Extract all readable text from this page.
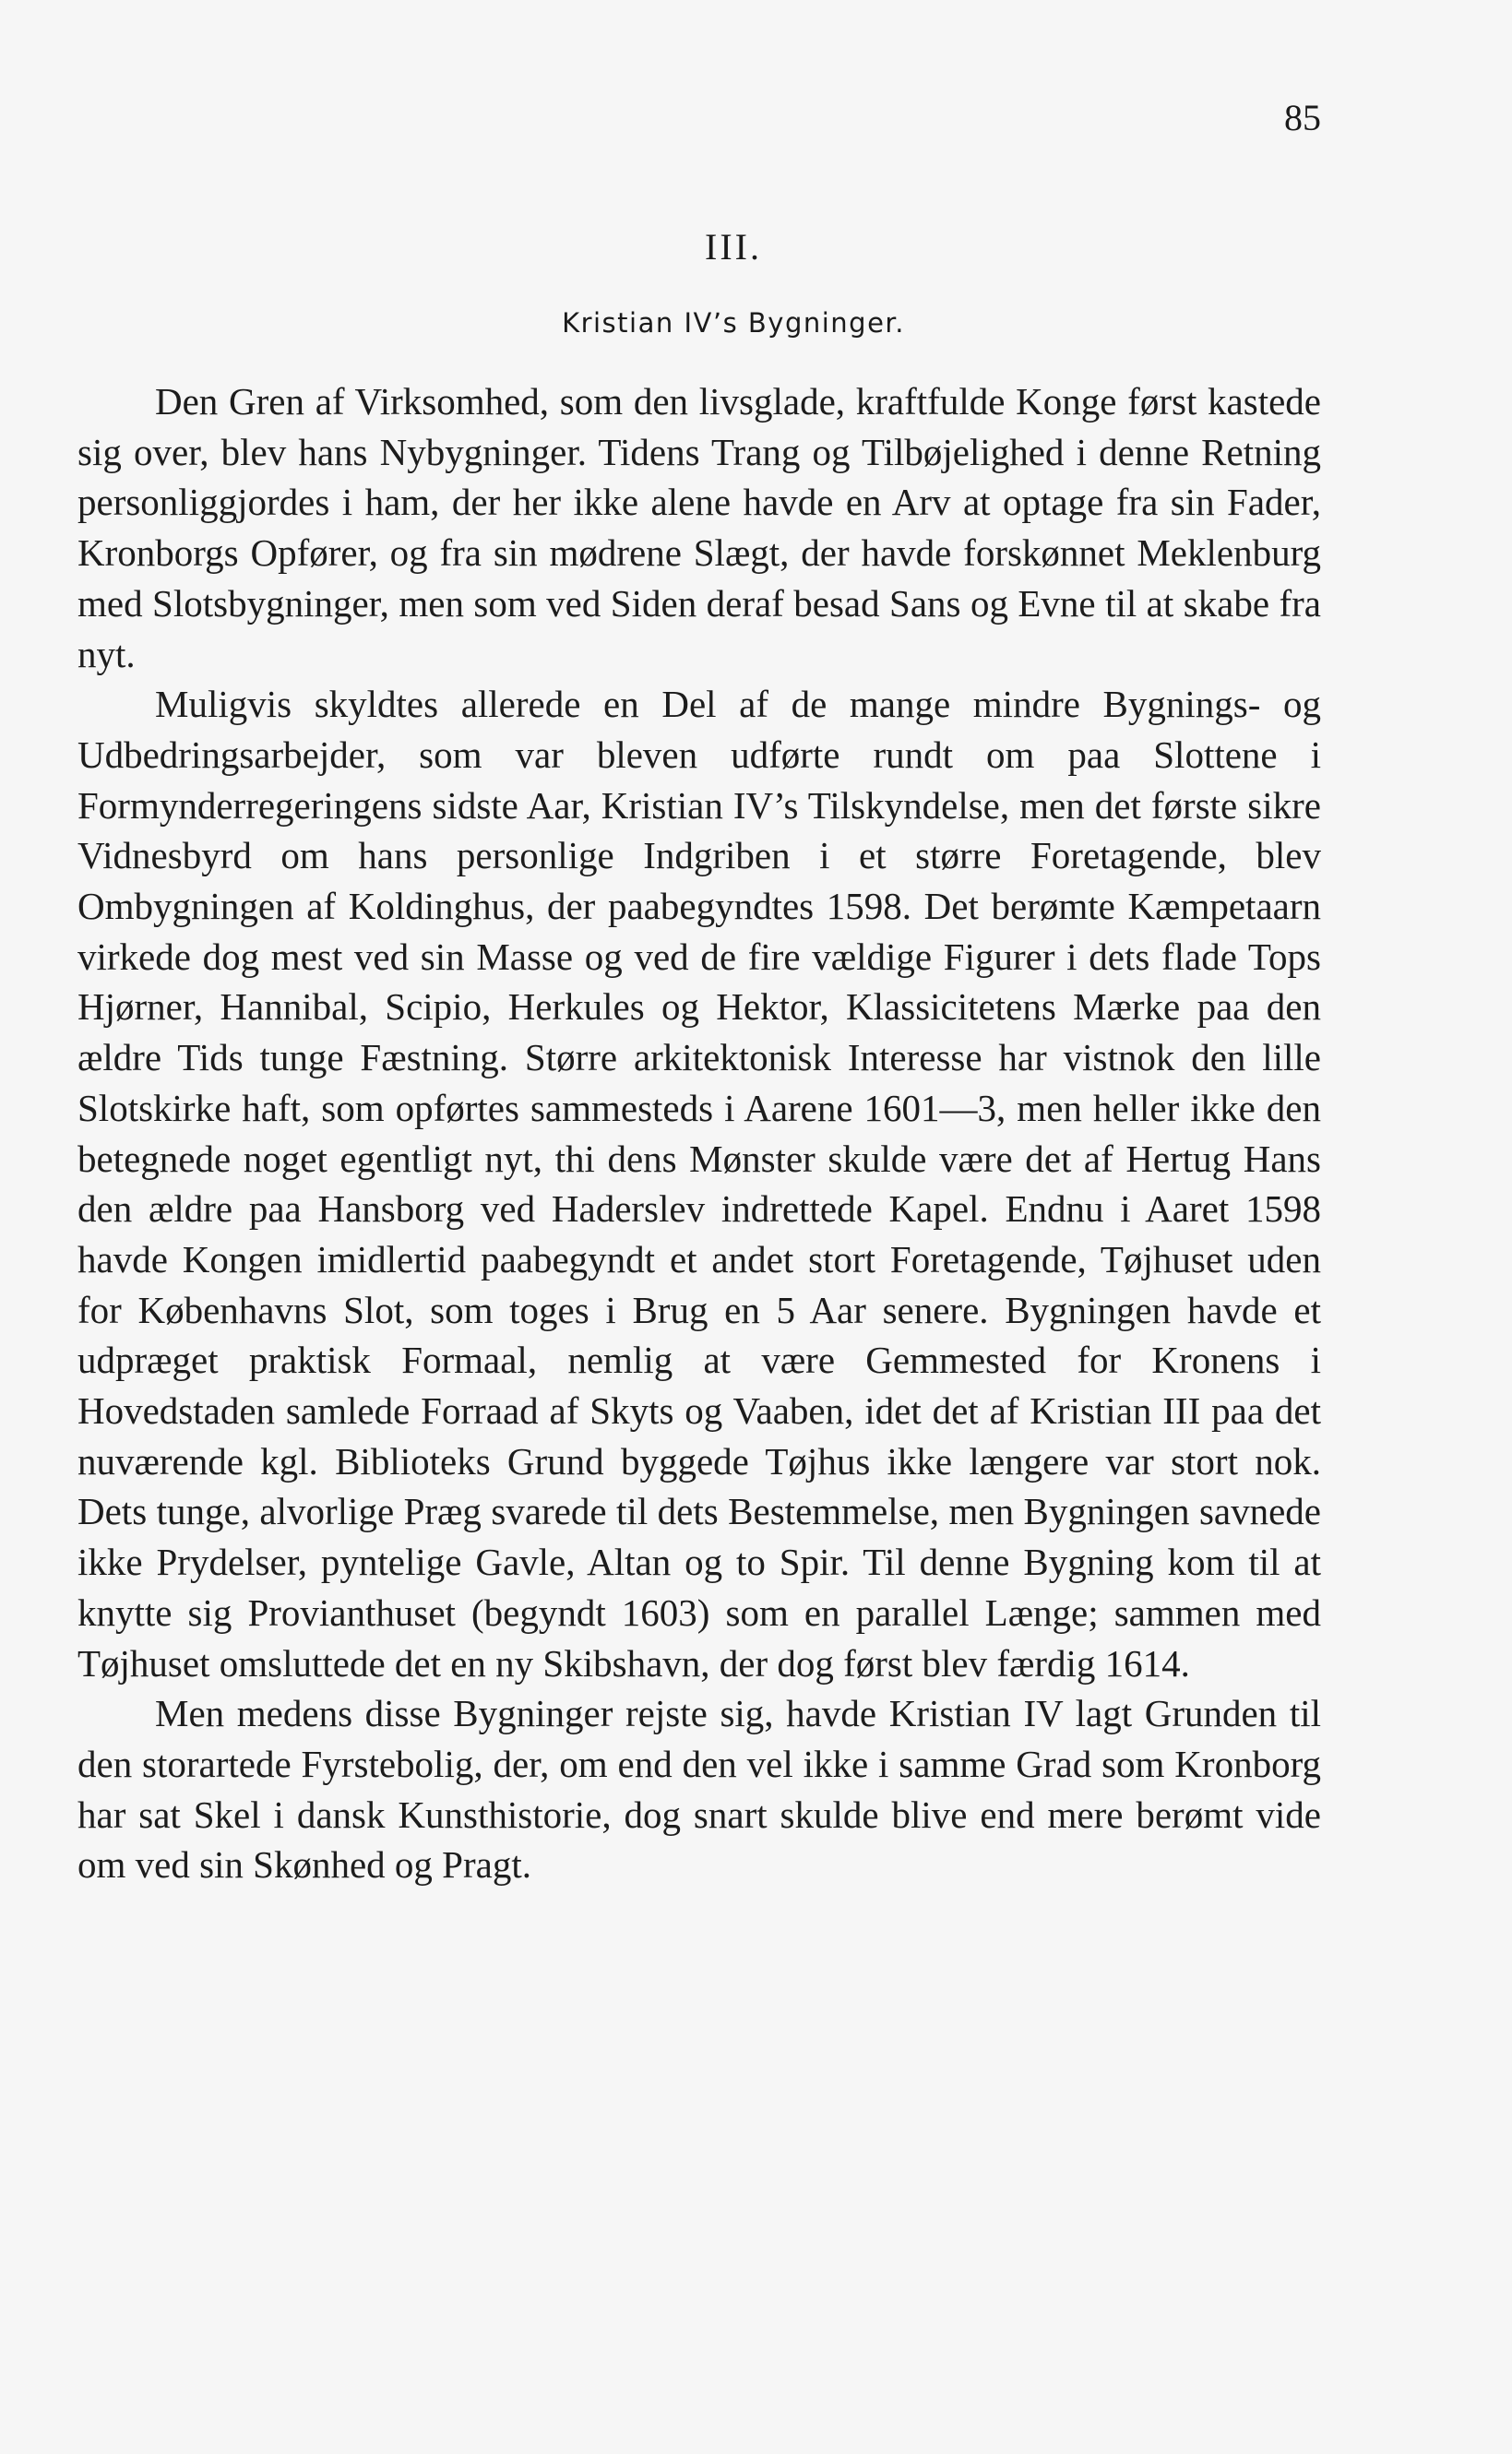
85
III.
Kristian IV’s Bygninger.

Den Gren af Virksomhed, som den livsglade, kraftfulde Konge først kastede sig over, blev hans Nybygninger. Tidens Trang og Tilbøjelighed i denne Retning personliggjordes i ham, der her ikke alene havde en Arv at optage fra sin Fader, Kronborgs Opfører, og fra sin mødrene Slægt, der havde forskønnet Meklenburg med Slotsbygninger, men som ved Siden deraf besad Sans og Evne til at skabe fra nyt.

Muligvis skyldtes allerede en Del af de mange mindre Bygnings- og Udbedringsarbejder, som var bleven udførte rundt om paa Slottene i Formynderregeringens sidste Aar, Kristian IV’s Tilskyndelse, men det første sikre Vidnesbyrd om hans personlige Indgriben i et større Foretagende, blev Ombygningen af Koldinghus, der paabegyndtes 1598. Det berømte Kæmpetaarn virkede dog mest ved sin Masse og ved de fire vældige Figurer i dets flade Tops Hjørner, Hannibal, Scipio, Herkules og Hektor, Klassicitetens Mærke paa den ældre Tids tunge Fæstning. Større arkitektonisk Interesse har vistnok den lille Slotskirke haft, som opførtes sammesteds i Aarene 1601—3, men heller ikke den betegnede noget egentligt nyt, thi dens Mønster skulde være det af Hertug Hans den ældre paa Hansborg ved Haderslev indrettede Kapel. Endnu i Aaret 1598 havde Kongen imidlertid paabegyndt et andet stort Foretagende, Tøjhuset uden for Københavns Slot, som toges i Brug en 5 Aar senere. Bygningen havde et udpræget praktisk Formaal, nemlig at være Gemmested for Kronens i Hovedstaden samlede Forraad af Skyts og Vaaben, idet det af Kristian III paa det nuværende kgl. Biblioteks Grund byggede Tøjhus ikke længere var stort nok. Dets tunge, alvorlige Præg svarede til dets Bestemmelse, men Bygningen savnede ikke Prydelser, pyntelige Gavle, Altan og to Spir. Til denne Bygning kom til at knytte sig Provianthuset (begyndt 1603) som en parallel Længe; sammen med Tøjhuset omsluttede det en ny Skibshavn, der dog først blev færdig 1614.

Men medens disse Bygninger rejste sig, havde Kristian IV lagt Grunden til den storartede Fyrstebolig, der, om end den vel ikke i samme Grad som Kronborg har sat Skel i dansk Kunsthistorie, dog snart skulde blive end mere berømt vide om ved sin Skønhed og Pragt.
